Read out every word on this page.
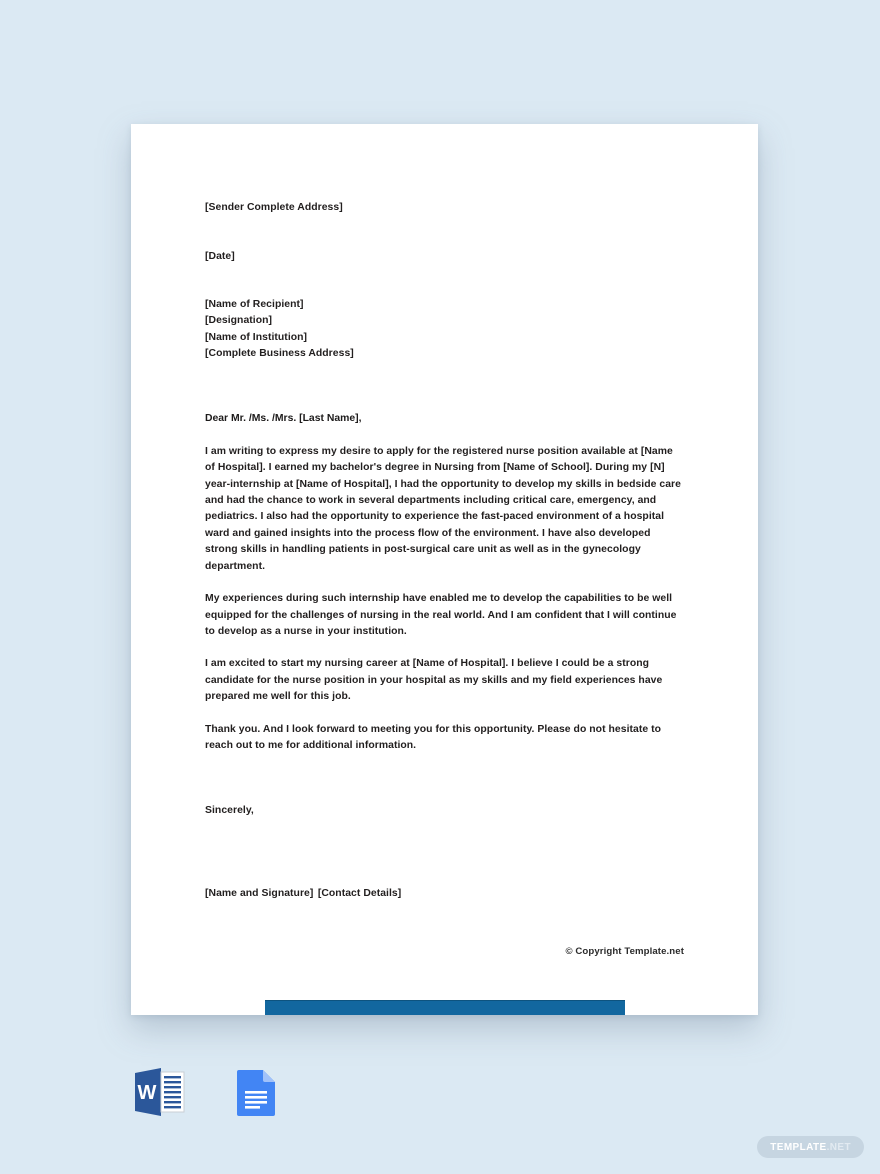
[Sender Complete Address]
[Date]
[Name of Recipient]
[Designation]
[Name of Institution]
[Complete Business Address]
Dear Mr. /Ms. /Mrs. [Last Name],
I am writing to express my desire to apply for the registered nurse position available at [Name of Hospital]. I earned my bachelor's degree in Nursing from [Name of School]. During my [N] year-internship at [Name of Hospital], I had the opportunity to develop my skills in bedside care and had the chance to work in several departments including critical care, emergency, and pediatrics. I also had the opportunity to experience the fast-paced environment of a hospital ward and gained insights into the process flow of the environment. I have also developed strong skills in handling patients in post-surgical care unit as well as in the gynecology department.
My experiences during such internship have enabled me to develop the capabilities to be well equipped for the challenges of nursing in the real world. And I am confident that I will continue to develop as a nurse in your institution.
I am excited to start my nursing career at [Name of Hospital]. I believe I could be a strong candidate for the nurse position in your hospital as my skills and my field experiences have prepared me well for this job.
Thank you. And I look forward to meeting you for this opportunity. Please do not hesitate to reach out to me for additional information.
Sincerely,
[Name and Signature] [Contact Details]
© Copyright Template.net
W
TEMPLATE .NET
